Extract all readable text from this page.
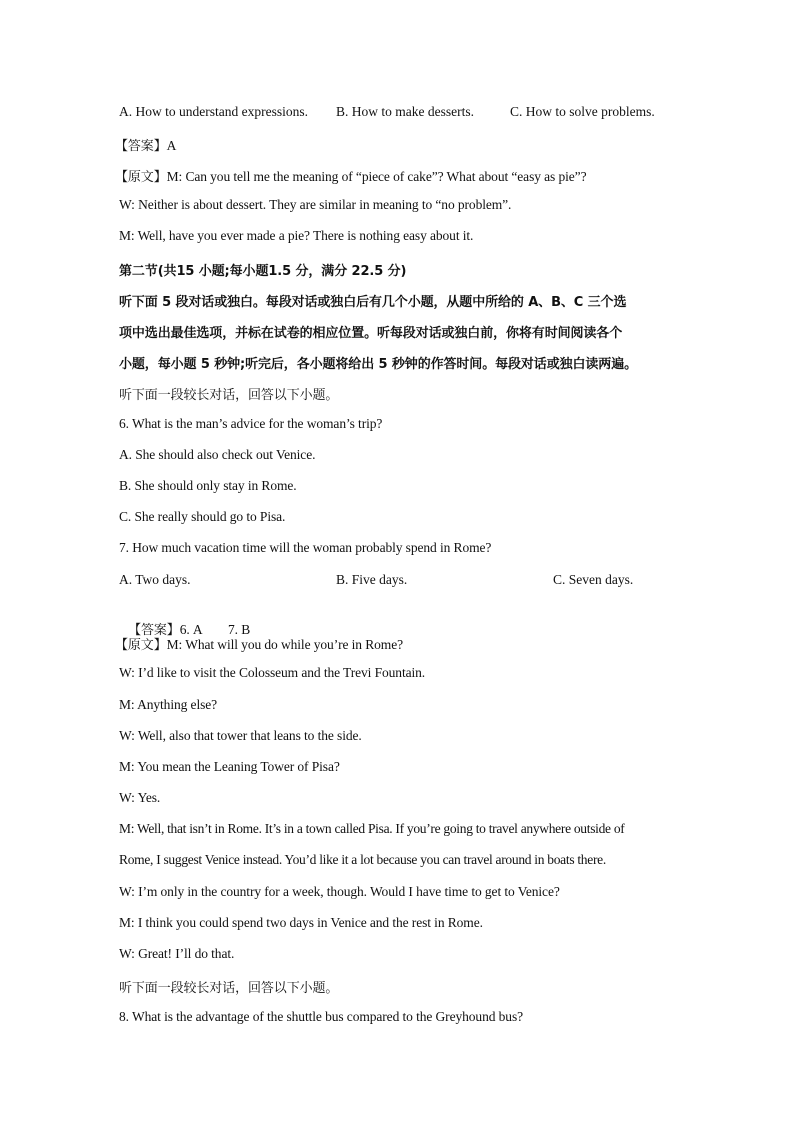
A. How to understand expressions. B. How to make desserts.	C. How to solve problems.
【答案】A
【原文】M: Can you tell me the meaning of “piece of cake”? What about “easy as pie”?
W: Neither is about dessert. They are similar in meaning to “no problem”.
M: Well, have you ever made a pie? There is nothing easy about it.
第二节(共15 小题;每小题1.5 分，满分 22.5 分)
听下面 5 段对话或独白。每段对话或独白后有几个小题，从题中所给的 A、B、C 三个选
项中选出最佳选项，并标在试卷的相应位置。听每段对话或独白前，你将有时间阅读各个
小题，每小题 5 秒钟;听完后，各小题将给出 5 秒钟的作答时间。每段对话或独白读两遍。
听下面一段较长对话，回答以下小题。
6. What is the man’s advice for the woman’s trip?
A. She should also check out Venice.
B. She should only stay in Rome.
C. She really should go to Pisa.
7. How much vacation time will the woman probably spend in Rome?
A. Two days.	B. Five days.	C. Seven days.

【答案】6. A        7. B

【原文】M: What will you do while you’re in Rome?
W: I’d like to visit the Colosseum and the Trevi Fountain.
M: Anything else?
W: Well, also that tower that leans to the side.
M: You mean the Leaning Tower of Pisa?
W: Yes.
M: Well, that isn’t in Rome. It’s in a town called Pisa. If you’re going to travel anywhere outside of
Rome, I suggest Venice instead. You’d like it a lot because you can travel around in boats there.
W: I’m only in the country for a week, though. Would I have time to get to Venice?
M: I think you could spend two days in Venice and the rest in Rome.
W: Great! I’ll do that.
听下面一段较长对话，回答以下小题。
8. What is the advantage of the shuttle bus compared to the Greyhound bus?
